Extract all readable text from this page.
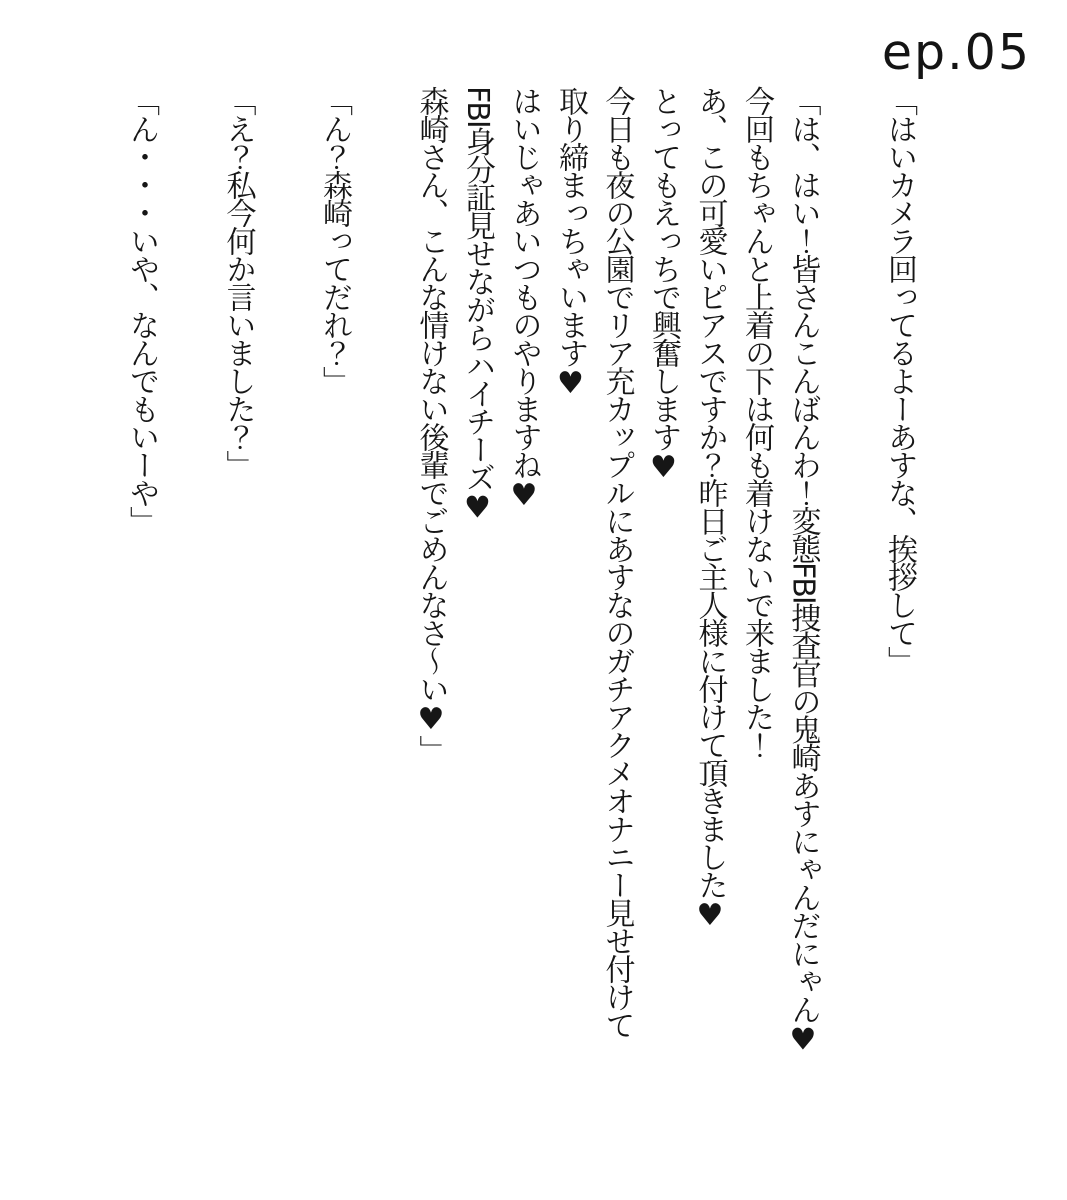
ep.05

「はいカメラ回ってるよーあすな、挨拶して」

「は、はい！皆さんこんばんわ！変態FBI捜査官の鬼崎あすにゃんだにゃん♥
今回もちゃんと上着の下は何も着けないで来ました！
あ、この可愛いピアスですか？昨日ご主人様に付けて頂きました♥
とってもえっちで興奮します♥
今日も夜の公園でリア充カップルにあすなのガチアクメオナニー見せ付けて
取り締まっちゃいます♥
はいじゃあいつものやりますね♥
FBI身分証見せながらハイチーズ♥
森崎さん、こんな情けない後輩でごめんなさ〜い♥」

「ん？森崎ってだれ？」

「え？私今何か言いました？」

「ん・・・いや、なんでもいーや」
